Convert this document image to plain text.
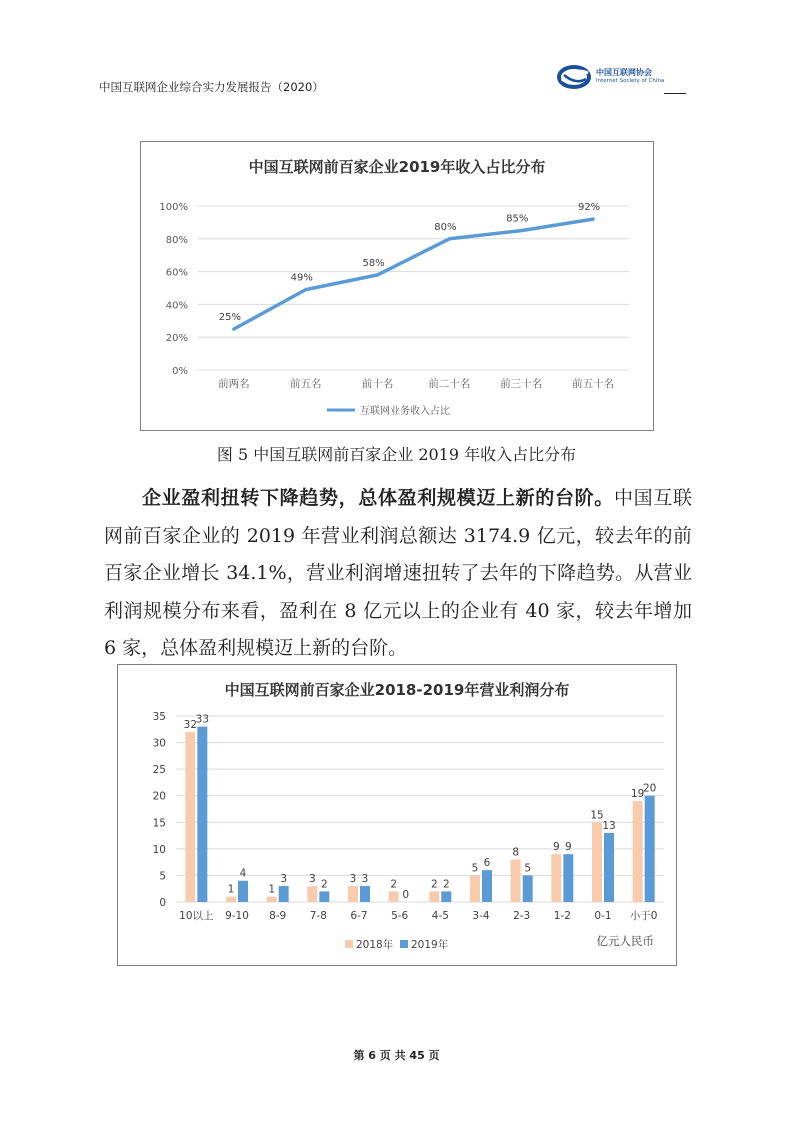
中国互联网企业综合实力发展报告（2020）
中国互联网协会
Internet Society of China
中国互联网前百家企业2019年收入占比分布
0%
20%
40%
60%
80%
100%
前两名	前五名	前十名	前二十名	前三十名	前五十名
25%
49%
58%
80%
85%
92%
互联网业务收入占比
图 5 中国互联网前百家企业 2019 年收入占比分布

企业盈利扭转下降趋势，总体盈利规模迈上新的台阶。中国互联网前百家企业的 2019 年营业利润总额达 3174.9 亿元，较去年的前百家企业增长 34.1%，营业利润增速扭转了去年的下降趋势。从营业利润规模分布来看，盈利在 8 亿元以上的企业有 40 家，较去年增加 6 家，总体盈利规模迈上新的台阶。

中国互联网前百家企业2018-2019年营业利润分布
0
5
10
15
20
25
30
35
32
33
10以上
1
4
9-10
1
3
8-9
3 2
7-8
3 3
6-7
2
0
5-6
2 2
4-5
5 6
3-4
8
5
2-3
9 9
1-2
15
13
0-1
19
20
小于0
2018年 2019年	亿元人民币
第 6 页 共 45 页
